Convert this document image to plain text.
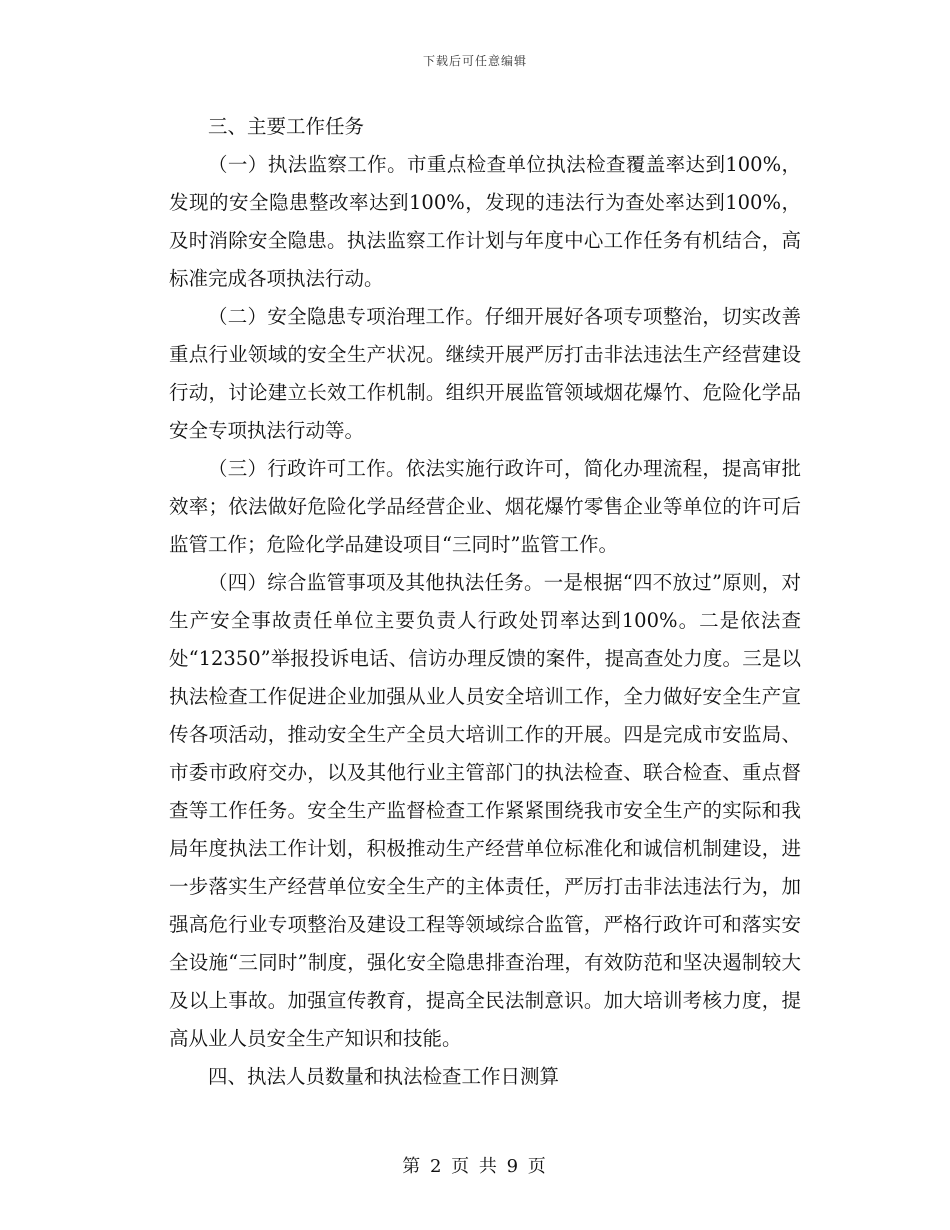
下载后可任意编辑

三、主要工作任务

（一）执法监察工作。市重点检查单位执法检查覆盖率达到100%，发现的安全隐患整改率达到100%，发现的违法行为查处率达到100%，及时消除安全隐患。执法监察工作计划与年度中心工作任务有机结合，高标准完成各项执法行动。

（二）安全隐患专项治理工作。仔细开展好各项专项整治，切实改善重点行业领域的安全生产状况。继续开展严厉打击非法违法生产经营建设行动，讨论建立长效工作机制。组织开展监管领域烟花爆竹、危险化学品安全专项执法行动等。

（三）行政许可工作。依法实施行政许可，简化办理流程，提高审批效率；依法做好危险化学品经营企业、烟花爆竹零售企业等单位的许可后监管工作；危险化学品建设项目“三同时”监管工作。

（四）综合监管事项及其他执法任务。一是根据“四不放过”原则，对生产安全事故责任单位主要负责人行政处罚率达到100%。二是依法查处“12350”举报投诉电话、信访办理反馈的案件，提高查处力度。三是以执法检查工作促进企业加强从业人员安全培训工作，全力做好安全生产宣传各项活动，推动安全生产全员大培训工作的开展。四是完成市安监局、市委市政府交办，以及其他行业主管部门的执法检查、联合检查、重点督查等工作任务。安全生产监督检查工作紧紧围绕我市安全生产的实际和我局年度执法工作计划，积极推动生产经营单位标准化和诚信机制建设，进一步落实生产经营单位安全生产的主体责任，严厉打击非法违法行为，加强高危行业专项整治及建设工程等领域综合监管，严格行政许可和落实安全设施“三同时”制度，强化安全隐患排查治理，有效防范和坚决遏制较大及以上事故。加强宣传教育，提高全民法制意识。加大培训考核力度，提高从业人员安全生产知识和技能。

四、执法人员数量和执法检查工作日测算

第 2 页 共 9 页
